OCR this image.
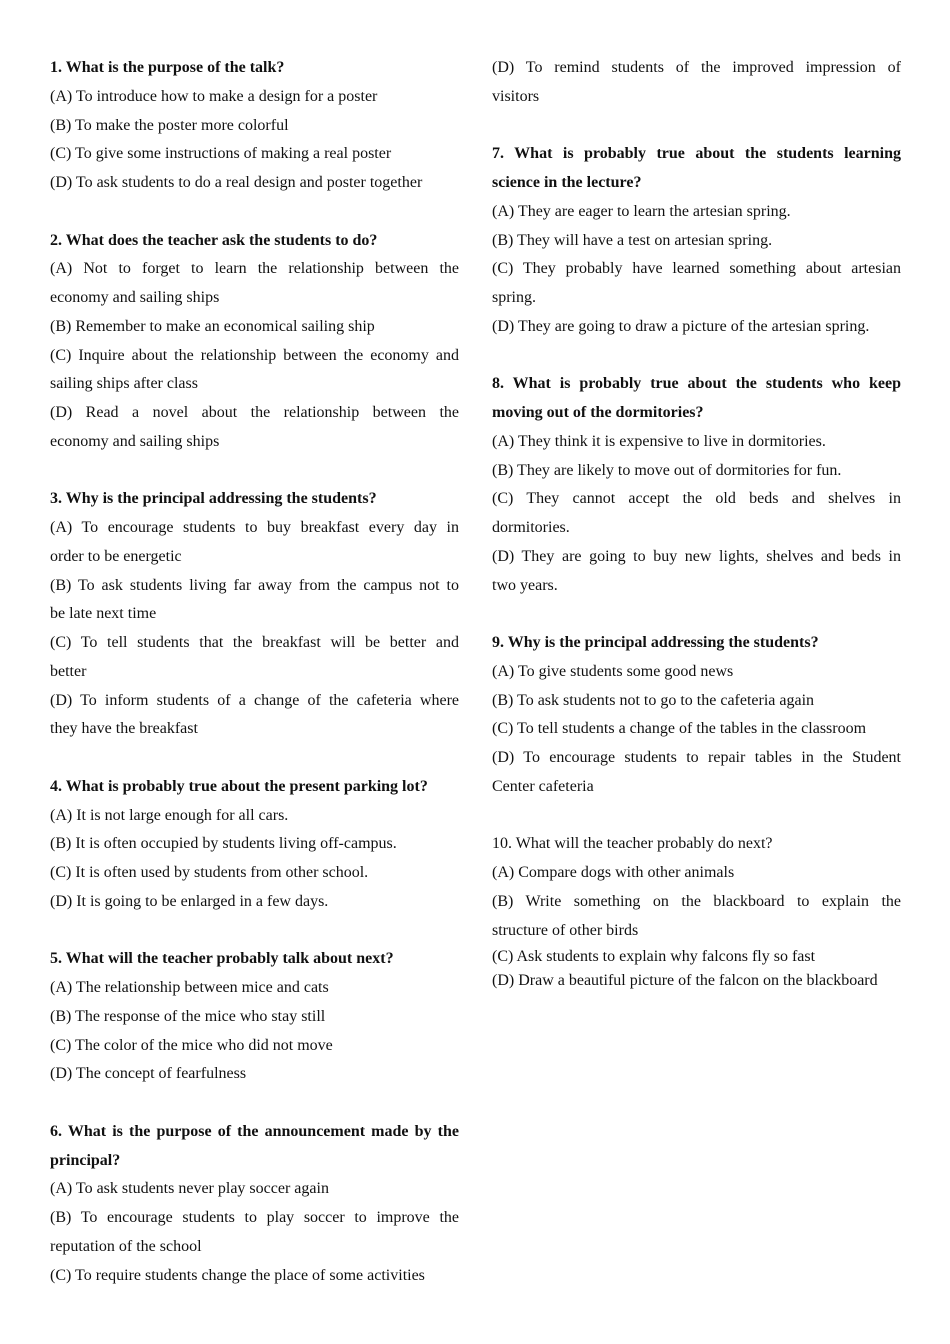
1. What is the purpose of the talk?
(A) To introduce how to make a design for a poster
(B) To make the poster more colorful
(C) To give some instructions of making a real poster
(D) To ask students to do a real design and poster together
2. What does the teacher ask the students to do?
(A) Not to forget to learn the relationship between the
economy and sailing ships
(B) Remember to make an economical sailing ship
(C) Inquire about the relationship between the economy and
sailing ships after class
(D) Read a novel about the relationship between the
economy and sailing ships
3. Why is the principal addressing the students?
(A) To encourage students to buy breakfast every day in
order to be energetic
(B) To ask students living far away from the campus not to
be late next time
(C) To tell students that the breakfast will be better and
better
(D) To inform students of a change of the cafeteria where
they have the breakfast
4. What is probably true about the present parking lot?
(A) It is not large enough for all cars.
(B) It is often occupied by students living off-campus.
(C) It is often used by students from other school.
(D) It is going to be enlarged in a few days.
5. What will the teacher probably talk about next?
(A) The relationship between mice and cats
(B) The response of the mice who stay still
(C) The color of the mice who did not move
(D) The concept of fearfulness
6. What is the purpose of the announcement made by the
principal?
(A) To ask students never play soccer again
(B) To encourage students to play soccer to improve the
reputation of the school
(C) To require students change the place of some activities
(D) To remind students of the improved impression of
visitors
7. What is probably true about the students learning
science in the lecture?
(A) They are eager to learn the artesian spring.
(B) They will have a test on artesian spring.
(C) They probably have learned something about artesian
spring.
(D) They are going to draw a picture of the artesian spring.
8. What is probably true about the students who keep
moving out of the dormitories?
(A) They think it is expensive to live in dormitories.
(B) They are likely to move out of dormitories for fun.
(C) They cannot accept the old beds and shelves in
dormitories.
(D) They are going to buy new lights, shelves and beds in
two years.
9. Why is the principal addressing the students?
(A) To give students some good news
(B) To ask students not to go to the cafeteria again
(C) To tell students a change of the tables in the classroom
(D) To encourage students to repair tables in the Student
Center cafeteria
10. What will the teacher probably do next?
(A) Compare dogs with other animals
(B) Write something on the blackboard to explain the
structure of other birds
(C) Ask students to explain why falcons fly so fast
(D) Draw a beautiful picture of the falcon on the blackboard
